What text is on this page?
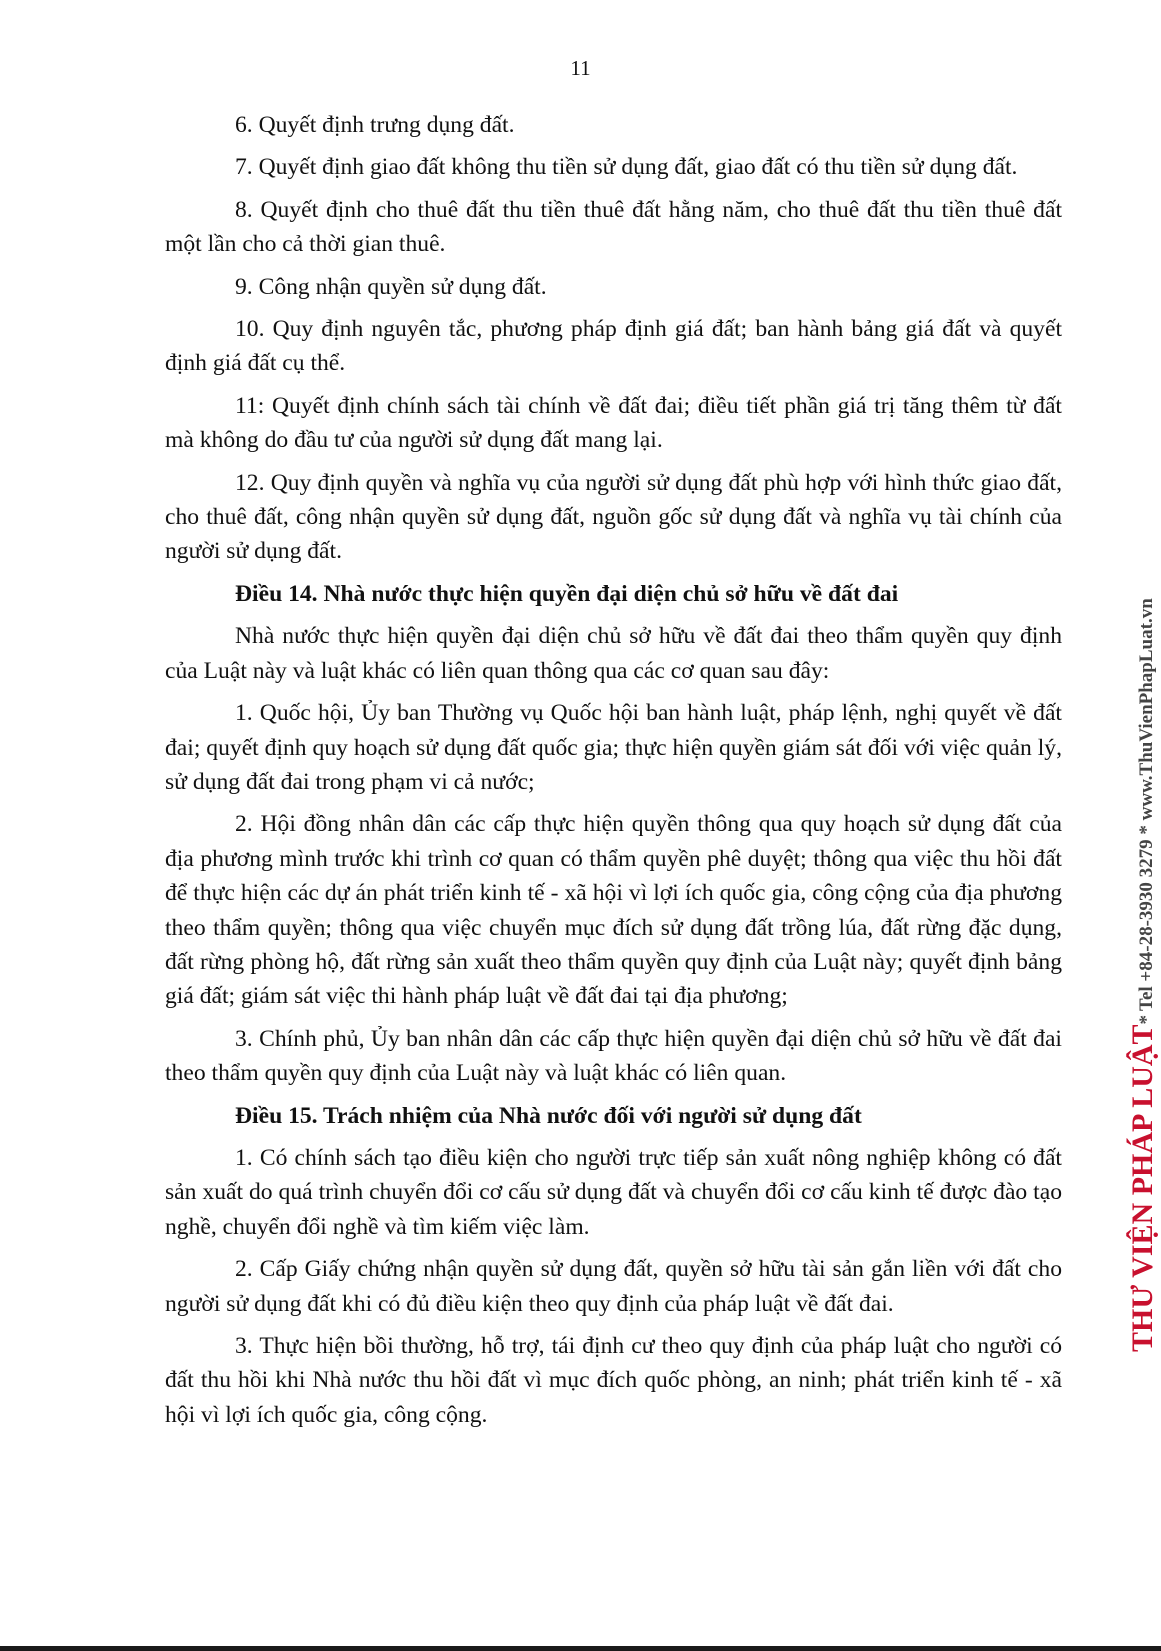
11

6. Quyết định trưng dụng đất.

7. Quyết định giao đất không thu tiền sử dụng đất, giao đất có thu tiền sử dụng đất.

8. Quyết định cho thuê đất thu tiền thuê đất hằng năm, cho thuê đất thu tiền thuê đất một lần cho cả thời gian thuê.

9. Công nhận quyền sử dụng đất.

10. Quy định nguyên tắc, phương pháp định giá đất; ban hành bảng giá đất và quyết định giá đất cụ thể.

11: Quyết định chính sách tài chính về đất đai; điều tiết phần giá trị tăng thêm từ đất mà không do đầu tư của người sử dụng đất mang lại.

12. Quy định quyền và nghĩa vụ của người sử dụng đất phù hợp với hình thức giao đất, cho thuê đất, công nhận quyền sử dụng đất, nguồn gốc sử dụng đất và nghĩa vụ tài chính của người sử dụng đất.

Điều 14. Nhà nước thực hiện quyền đại diện chủ sở hữu về đất đai

Nhà nước thực hiện quyền đại diện chủ sở hữu về đất đai theo thẩm quyền quy định của Luật này và luật khác có liên quan thông qua các cơ quan sau đây:

1. Quốc hội, Ủy ban Thường vụ Quốc hội ban hành luật, pháp lệnh, nghị quyết về đất đai; quyết định quy hoạch sử dụng đất quốc gia; thực hiện quyền giám sát đối với việc quản lý, sử dụng đất đai trong phạm vi cả nước;

2. Hội đồng nhân dân các cấp thực hiện quyền thông qua quy hoạch sử dụng đất của địa phương mình trước khi trình cơ quan có thẩm quyền phê duyệt; thông qua việc thu hồi đất để thực hiện các dự án phát triển kinh tế - xã hội vì lợi ích quốc gia, công cộng của địa phương theo thẩm quyền; thông qua việc chuyển mục đích sử dụng đất trồng lúa, đất rừng đặc dụng, đất rừng phòng hộ, đất rừng sản xuất theo thẩm quyền quy định của Luật này; quyết định bảng giá đất; giám sát việc thi hành pháp luật về đất đai tại địa phương;

3. Chính phủ, Ủy ban nhân dân các cấp thực hiện quyền đại diện chủ sở hữu về đất đai theo thẩm quyền quy định của Luật này và luật khác có liên quan.

Điều 15. Trách nhiệm của Nhà nước đối với người sử dụng đất

1. Có chính sách tạo điều kiện cho người trực tiếp sản xuất nông nghiệp không có đất sản xuất do quá trình chuyển đổi cơ cấu sử dụng đất và chuyển đổi cơ cấu kinh tế được đào tạo nghề, chuyển đổi nghề và tìm kiếm việc làm.

2. Cấp Giấy chứng nhận quyền sử dụng đất, quyền sở hữu tài sản gắn liền với đất cho người sử dụng đất khi có đủ điều kiện theo quy định của pháp luật về đất đai.

3. Thực hiện bồi thường, hỗ trợ, tái định cư theo quy định của pháp luật cho người có đất thu hồi khi Nhà nước thu hồi đất vì mục đích quốc phòng, an ninh; phát triển kinh tế - xã hội vì lợi ích quốc gia, công cộng.

THƯ VIỆN PHÁP LUẬT* Tel +84-28-3930 3279 * www.ThuVienPhapLuat.vn
